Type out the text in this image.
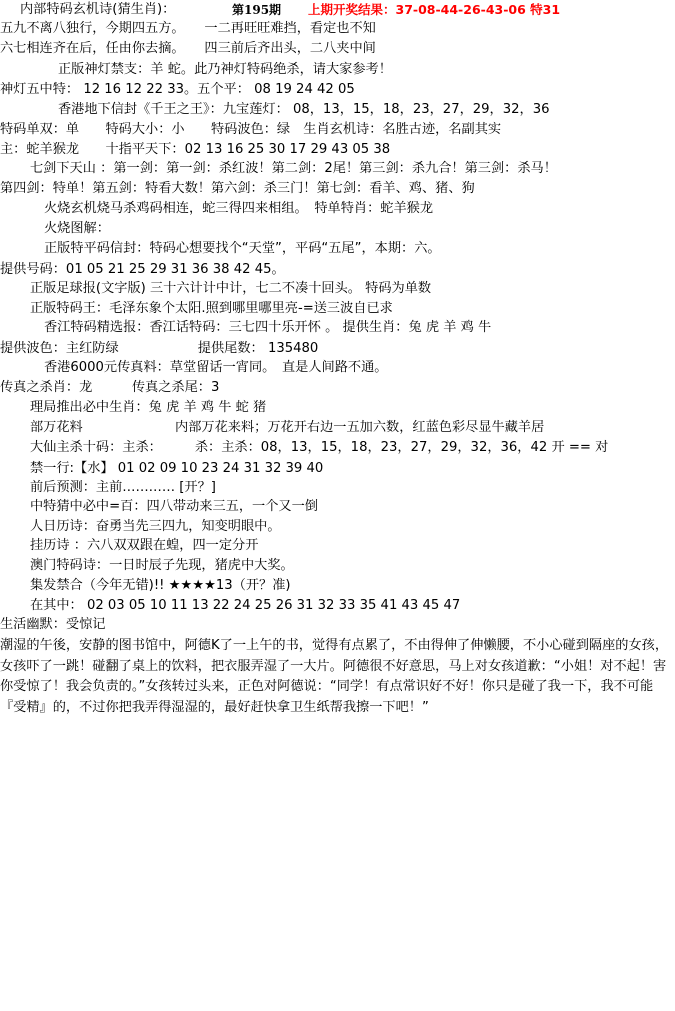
内部特码玄机诗(猜生肖)：	第195期 上期开奖结果：37-08-44-26-43-06 特31
五九不离八独行，今期四五方。　　一二再旺旺难挡，看定也不知
六七相连齐在后，任由你去摘。　　四三前后齐出头，二八夹中间
正版神灯禁支：羊 蛇。此乃神灯特码绝杀，请大家参考！
神灯五中特： 12 16 12 22 33。五个平： 08 19 24 42 05
香港地下信封《千王之王》：九宝莲灯： 08，13，15，18，23，27，29，32，36
特码单双：单　　特码大小：小　　特码波色：绿　生肖玄机诗：名胜古迹，名副其实
主：蛇羊猴龙　　十指平天下：02 13 16 25 30 17 29 43 05 38
七剑下天山 ：第一剑：第一剑：杀红波！第二剑：2尾！第三剑：杀九合！第三剑：杀马！
第四剑：特单！第五剑：特看大数！第六剑：杀三门！第七剑：看羊、鸡、猪、狗
火烧玄机烧马杀鸡码相连，蛇三得四来相组。　特单特肖：蛇羊猴龙
火烧图解：
正版特平码信封：特码心想要找个“天堂”，平码“五尾”，本期：六。
提供号码：01 05 21 25 29 31 36 38 42 45。
正版足球报(文字版) 三十六计计中计，七二不凑十回头。 特码为单数
正版特码王：毛泽东象个太阳.照到哪里哪里亮-=送三波自已求
香江特码精选报：香江话特码：三七四十乐开怀 。 提供生肖：兔 虎 羊 鸡 牛
提供波色：主红防绿　　　　　　提供尾数： 135480
香港6000元传真料：草堂留话一宵同。　直是人间路不通。
传真之杀肖：龙　　　传真之杀尾：3
理局推出必中生肖：兔 虎 羊 鸡 牛 蛇 猪
部万花料　　　　　　　内部万花来料；万花开右边一五加六数，红蓝色彩尽显牛藏羊居
大仙主杀十码：主杀：　　　杀：主杀：08，13，15，18，23，27，29，32，36，42 开 == 对
禁一行:【水】 01 02 09 10 23 24 31 32 39 40
前后预测：主前………… [开？]
中特猜中必中=百：四八带动来三五，一个又一倒
人日历诗：奋勇当先三四九，知变明眼中。
挂历诗 ：六八双双跟在蝗，四一定分开
澳门特码诗：一日时辰子先现，猪虎中大奖。
集发禁合（今年无错)!! ★★★★13（开？准)
在其中： 02 03 05 10 11 13 22 24 25 26 31 32 33 35 41 43 45 47
生活幽默：受惊记
潮湿的午後，安静的图书馆中，阿德K了一上午的书，觉得有点累了，不由得伸了伸懒腰，不小心碰到隔座的女孩，女孩吓了一跳！碰翻了桌上的饮料，把衣服弄湿了一大片。阿德很不好意思，马上对女孩道歉：“小姐！对不起！害你受惊了！我会负责的。”女孩转过头来，正色对阿德说：“同学！有点常识好不好！你只是碰了我一下，我不可能『受精』的，不过你把我弄得湿湿的，最好赶快拿卫生纸帮我擦一下吧！”
